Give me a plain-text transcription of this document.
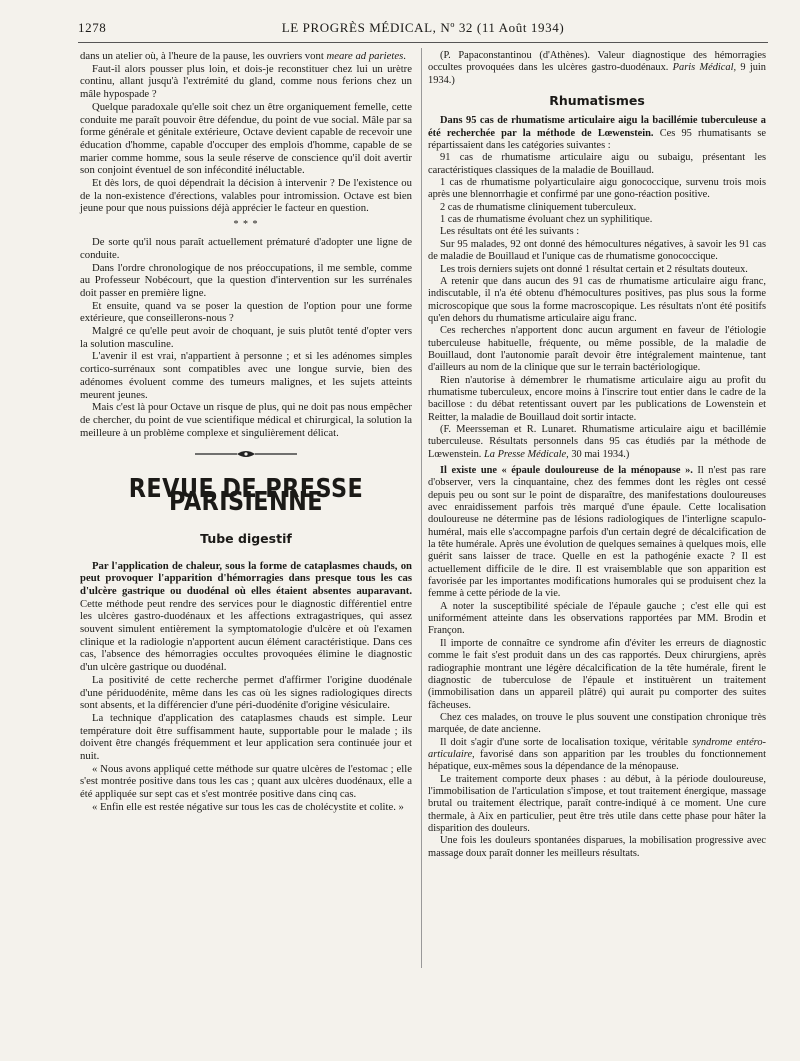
1278	LE PROGRÈS MÉDICAL, Nº 32 (11 Août 1934)

dans un atelier où, à l'heure de la pause, les ouvriers vont meare ad parietes.

Faut-il alors pousser plus loin, et dois-je reconstituer chez lui un urètre continu, allant jusqu'à l'extrémité du gland, comme nous ferions chez un mâle hypospade ?

Quelque paradoxale qu'elle soit chez un être organiquement femelle, cette conduite me paraît pouvoir être défendue, du point de vue social. Mâle par sa forme générale et génitale extérieure, Octave devient capable de recevoir une éducation d'homme, capable d'occuper des emplois d'homme, capable de se marier comme homme, sous la seule réserve de conscience qu'il doit avertir son conjoint éventuel de son infécondité inéluctable.

Et dès lors, de quoi dépendrait la décision à intervenir ? De l'existence ou de la non-existence d'érections, valables pour intromission. Octave est bien jeune pour que nous puissions déjà apprécier le facteur en question.

* * *

De sorte qu'il nous paraît actuellement prématuré d'adopter une ligne de conduite.

Dans l'ordre chronologique de nos préoccupations, il me semble, comme au Professeur Nobécourt, que la question d'intervention sur les surrénales doit passer en première ligne.

Et ensuite, quand va se poser la question de l'option pour une forme extérieure, que conseillerons-nous ?

Malgré ce qu'elle peut avoir de choquant, je suis plutôt tenté d'opter vers la solution masculine.

L'avenir il est vrai, n'appartient à personne ; et si les adénomes simples cortico-surrénaux sont compatibles avec une longue survie, bien des adénomes évoluent comme des tumeurs malignes, et les sujets atteints meurent jeunes.

Mais c'est là pour Octave un risque de plus, qui ne doit pas nous empêcher de chercher, du point de vue scientifique médical et chirurgical, la solution la meilleure à un problème complexe et singulièrement délicat.

REVUE DE PRESSE PARISIENNE
Tube digestif

Par l'application de chaleur, sous la forme de cataplasmes chauds, on peut provoquer l'apparition d'hémorragies dans presque tous les cas d'ulcère gastrique ou duodénal où elles étaient absentes auparavant. Cette méthode peut rendre des services pour le diagnostic différentiel entre les ulcères gastro-duodénaux et les affections extragastriques, qui assez souvent simulent entièrement la symptomatologie d'ulcère et où l'examen clinique et la radiologie n'apportent aucun élément caractéristique. Dans ces cas, l'absence des hémorragies occultes provoquées élimine le diagnostic d'un ulcère gastrique ou duodénal.

La positivité de cette recherche permet d'affirmer l'origine duodénale d'une périduodénite, même dans les cas où les signes radiologiques directs sont absents, et la différencier d'une péri-duodénite d'origine vésiculaire.

La technique d'application des cataplasmes chauds est simple. Leur température doit être suffisamment haute, supportable pour le malade ; ils doivent être changés fréquemment et leur application sera continuée jour et nuit.

« Nous avons appliqué cette méthode sur quatre ulcères de l'estomac ; elle s'est montrée positive dans tous les cas ; quant aux ulcères duodénaux, elle a été appliquée sur sept cas et s'est montrée positive dans cinq cas.

« Enfin elle est restée négative sur tous les cas de cholécystite et colite. »

(P. Papaconstantinou (d'Athènes). Valeur diagnostique des hémorragies occultes provoquées dans les ulcères gastro-duodénaux. Paris Médical, 9 juin 1934.)

Rhumatismes

Dans 95 cas de rhumatisme articulaire aigu la bacillémie tuberculeuse a été recherchée par la méthode de Lœwenstein. Ces 95 rhumatisants se répartissaient dans les catégories suivantes :

91 cas de rhumatisme articulaire aigu ou subaigu, présentant les caractéristiques classiques de la maladie de Bouillaud.

1 cas de rhumatisme polyarticulaire aigu gonococcique, survenu trois mois après une blennorrhagie et confirmé par une gono-réaction positive.

2 cas de rhumatisme cliniquement tuberculeux.

1 cas de rhumatisme évoluant chez un syphilitique.

Les résultats ont été les suivants :

Sur 95 malades, 92 ont donné des hémocultures négatives, à savoir les 91 cas de maladie de Bouillaud et l'unique cas de rhumatisme gonococcique.

Les trois derniers sujets ont donné 1 résultat certain et 2 résultats douteux.

A retenir que dans aucun des 91 cas de rhumatisme articulaire aigu franc, indiscutable, il n'a été obtenu d'hémocultures positives, pas plus sous la forme microscopique que sous la forme macroscopique. Les résultats n'ont été positifs qu'en dehors du rhumatisme articulaire aigu franc.

Ces recherches n'apportent donc aucun argument en faveur de l'étiologie tuberculeuse habituelle, fréquente, ou même possible, de la maladie de Bouillaud, dont l'autonomie paraît devoir être intégralement maintenue, tant d'ailleurs au nom de la clinique que sur le terrain bactériologique.

Rien n'autorise à démembrer le rhumatisme articulaire aigu au profit du rhumatisme tuberculeux, encore moins à l'inscrire tout entier dans le cadre de la bacillose : du débat retentissant ouvert par les publications de Lowenstein et Reitter, la maladie de Bouillaud doit sortir intacte.

(F. Meersseman et R. Lunaret. Rhumatisme articulaire aigu et bacillémie tuberculeuse. Résultats personnels dans 95 cas étudiés par la méthode de Lœwenstein. La Presse Médicale, 30 mai 1934.)

Il existe une « épaule douloureuse de la ménopause ». Il n'est pas rare d'observer, vers la cinquantaine, chez des femmes dont les règles ont cessé depuis peu ou sont sur le point de disparaître, des manifestations douloureuses avec enraidissement parfois très marqué d'une épaule. Cette localisation douloureuse ne détermine pas de lésions radiologiques de l'interligne scapulo-huméral, mais elle s'accompagne parfois d'un certain degré de décalcification de la tête humérale. Après une évolution de quelques semaines à quelques mois, elle guérit sans laisser de trace. Quelle en est la pathogénie exacte ? Il est actuellement difficile de le dire. Il est vraisemblable que son apparition est favorisée par les importantes modifications humorales qui se produisent chez la femme à cette période de la vie.

A noter la susceptibilité spéciale de l'épaule gauche ; c'est elle qui est uniformément atteinte dans les observations rapportées par MM. Brodin et Françon.

Il importe de connaître ce syndrome afin d'éviter les erreurs de diagnostic comme le fait s'est produit dans un des cas rapportés. Deux chirurgiens, après radiographie montrant une légère décalcification de la tête humérale, firent le diagnostic de tuberculose de l'épaule et instituèrent un traitement (immobilisation dans un appareil plâtré) qui aurait pu comporter des suites fâcheuses.

Chez ces malades, on trouve le plus souvent une constipation chronique très marquée, de date ancienne.

Il doit s'agir d'une sorte de localisation toxique, véritable syndrome entéro-articulaire, favorisé dans son apparition par les troubles du fonctionnement hépatique, eux-mêmes sous la dépendance de la ménopause.

Le traitement comporte deux phases : au début, à la période douloureuse, l'immobilisation de l'articulation s'impose, et tout traitement énergique, massage brutal ou traitement électrique, paraît contre-indiqué à ce moment. Une cure thermale, à Aix en particulier, peut être très utile dans cette phase pour hâter la disparition des douleurs.

Une fois les douleurs spontanées disparues, la mobilisation progressive avec massage doux paraît donner les meilleurs résultats.
